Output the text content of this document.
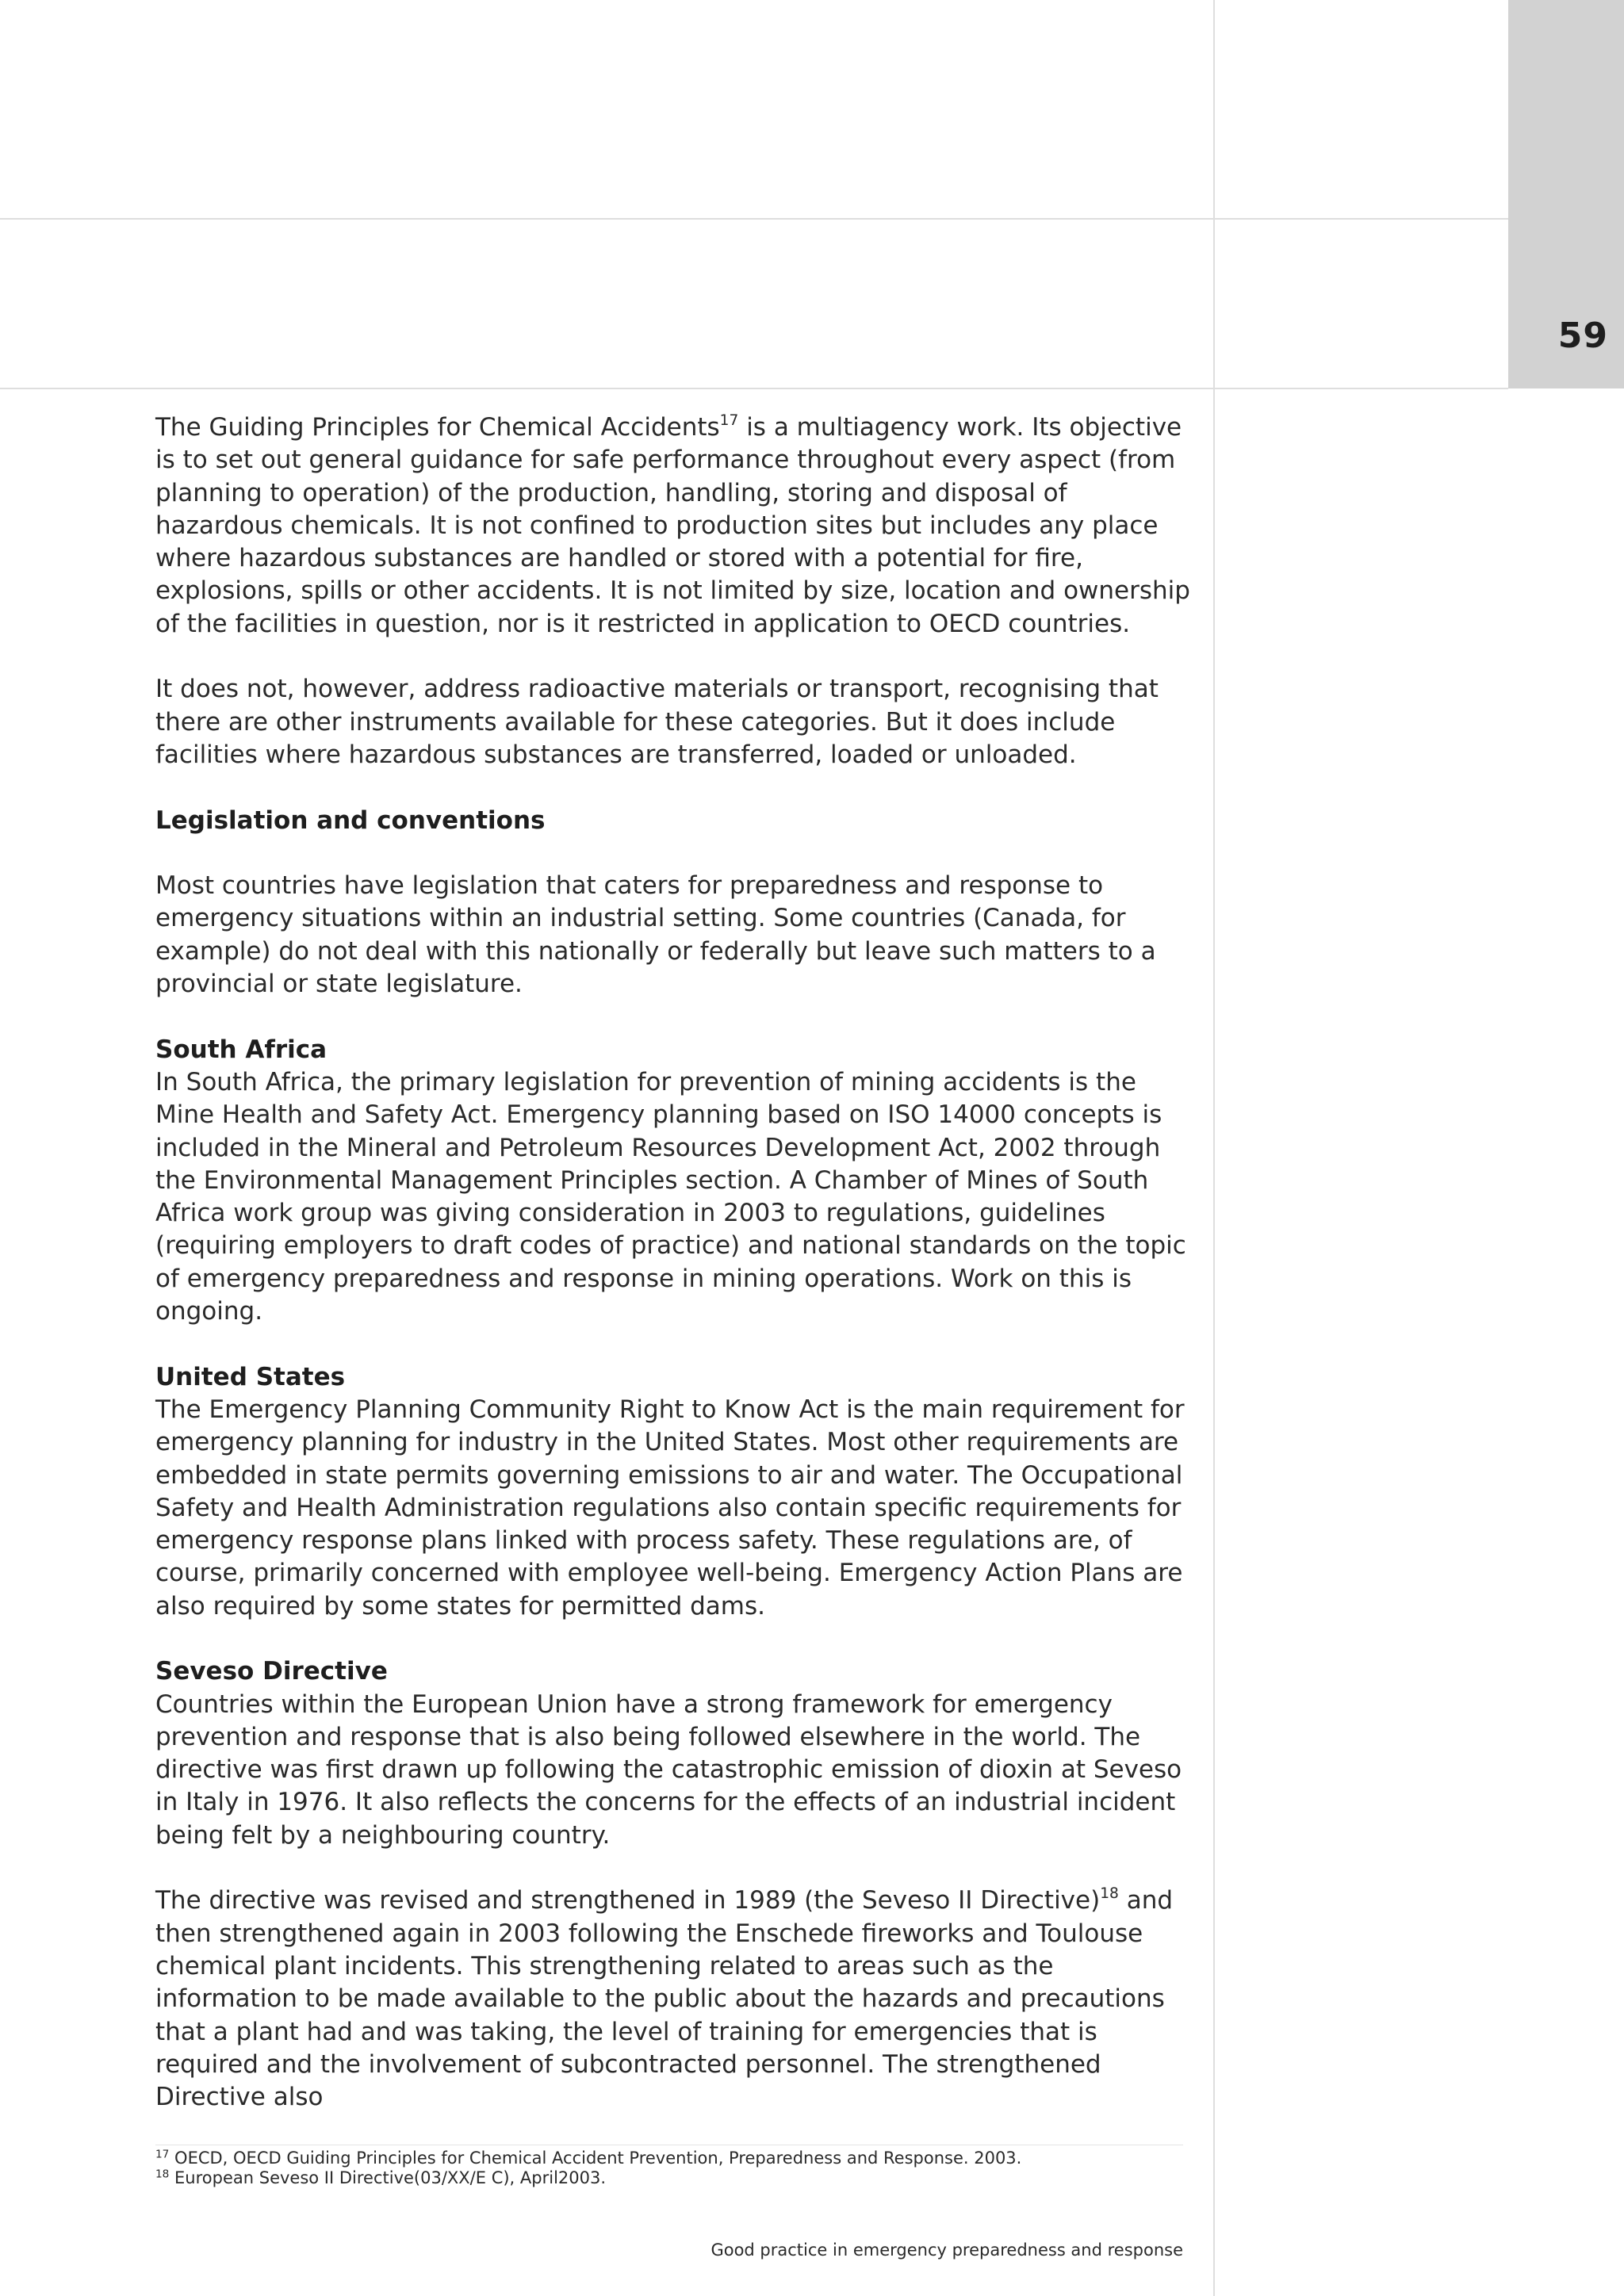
59

The Guiding Principles for Chemical Accidents$^{17}$ is a multiagency work. Its objective is to set out general guidance for safe performance throughout every aspect (from planning to operation) of the production, handling, storing and disposal of hazardous chemicals. It is not confined to production sites but includes any place where hazardous substances are handled or stored with a potential for fire, explosions, spills or other accidents. It is not limited by size, location and ownership of the facilities in question, nor is it restricted in application to OECD countries.

It does not, however, address radioactive materials or transport, recognising that there are other instruments available for these categories. But it does include facilities where hazardous substances are transferred, loaded or unloaded.

Legislation and conventions

Most countries have legislation that caters for preparedness and response to emergency situations within an industrial setting. Some countries (Canada, for example) do not deal with this nationally or federally but leave such matters to a provincial or state legislature.

South Africa

In South Africa, the primary legislation for prevention of mining accidents is the Mine Health and Safety Act. Emergency planning based on ISO 14000 concepts is included in the Mineral and Petroleum Resources Development Act, 2002 through the Environmental Management Principles section. A Chamber of Mines of South Africa work group was giving consideration in 2003 to regulations, guidelines (requiring employers to draft codes of practice) and national standards on the topic of emergency preparedness and response in mining operations. Work on this is ongoing.

United States

The Emergency Planning Community Right to Know Act is the main requirement for emergency planning for industry in the United States. Most other requirements are embedded in state permits governing emissions to air and water. The Occupational Safety and Health Administration regulations also contain specific requirements for emergency response plans linked with process safety. These regulations are, of course, primarily concerned with employee well-being. Emergency Action Plans are also required by some states for permitted dams.

Seveso Directive

Countries within the European Union have a strong framework for emergency prevention and response that is also being followed elsewhere in the world. The directive was first drawn up following the catastrophic emission of dioxin at Seveso in Italy in 1976. It also reflects the concerns for the effects of an industrial incident being felt by a neighbouring country.

The directive was revised and strengthened in 1989 (the Seveso II Directive)$^{18}$ and then strengthened again in 2003 following the Enschede fireworks and Toulouse chemical plant incidents. This strengthening related to areas such as the information to be made available to the public about the hazards and precautions that a plant had and was taking, the level of training for emergencies that is required and the involvement of subcontracted personnel. The strengthened Directive also

$^{17}$ OECD, OECD Guiding Principles for Chemical Accident Prevention, Preparedness and Response. 2003.
$^{18}$ European Seveso II Directive(03/XX/E C), April2003.
Good practice in emergency preparedness and response
